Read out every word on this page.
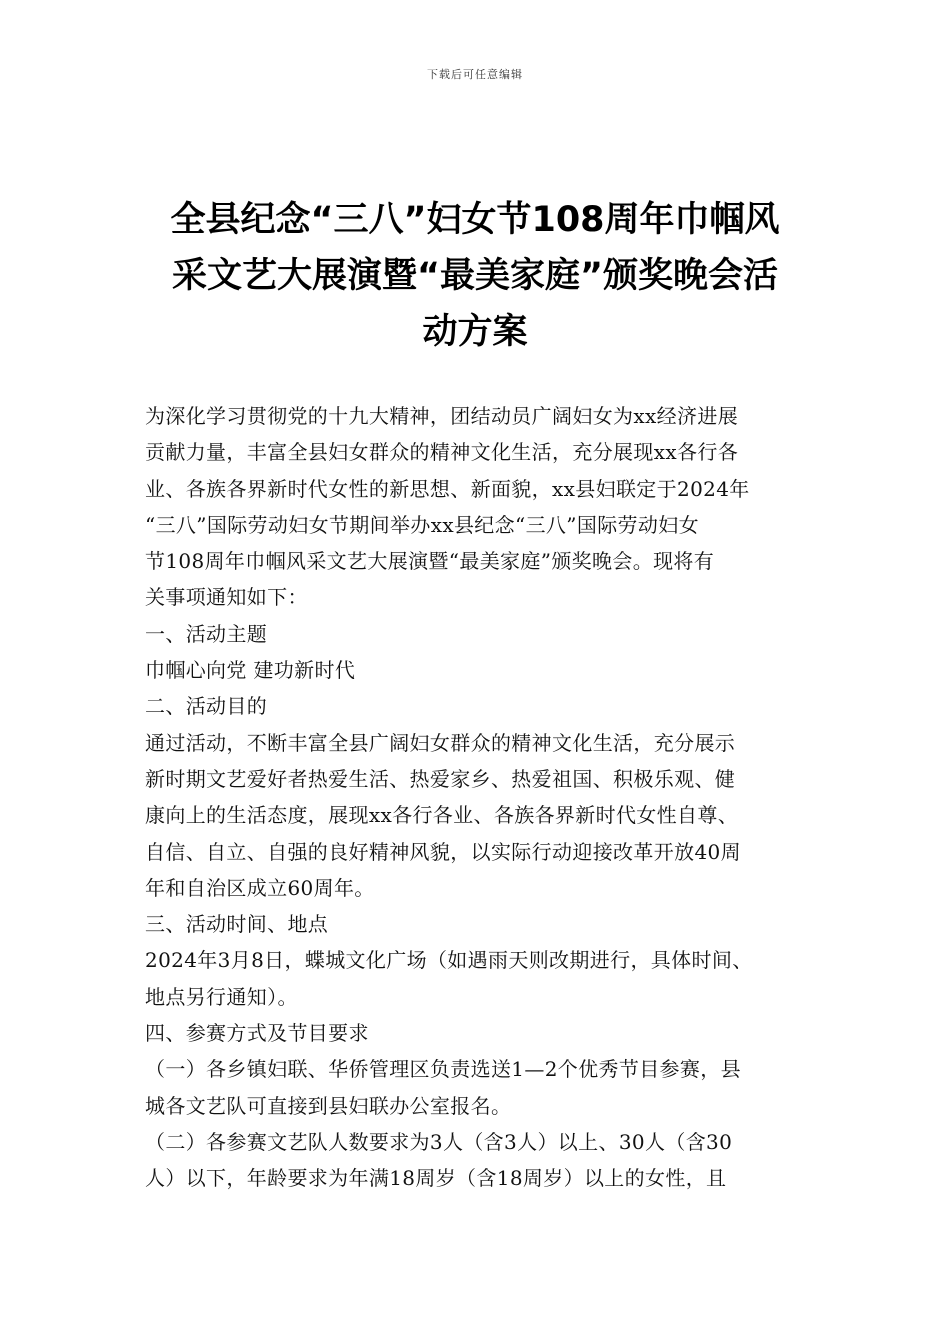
下载后可任意编辑
全县纪念“三八”妇女节108周年巾帼风
采文艺大展演暨“最美家庭”颁奖晚会活
动方案

为深化学习贯彻党的十九大精神，团结动员广阔妇女为xx经济进展

贡献力量，丰富全县妇女群众的精神文化生活，充分展现xx各行各

业、各族各界新时代女性的新思想、新面貌，xx县妇联定于2024年

“三八”国际劳动妇女节期间举办xx县纪念“三八”国际劳动妇女

节108周年巾帼风采文艺大展演暨“最美家庭”颁奖晚会。现将有

关事项通知如下：

一、活动主题

巾帼心向党 建功新时代

二、活动目的

通过活动，不断丰富全县广阔妇女群众的精神文化生活，充分展示

新时期文艺爱好者热爱生活、热爱家乡、热爱祖国、积极乐观、健

康向上的生活态度，展现xx各行各业、各族各界新时代女性自尊、

自信、自立、自强的良好精神风貌，以实际行动迎接改革开放40周

年和自治区成立60周年。

三、活动时间、地点

2024年3月8日，蝶城文化广场（如遇雨天则改期进行，具体时间、

地点另行通知）。

四、参赛方式及节目要求

（一）各乡镇妇联、华侨管理区负责选送1—2个优秀节目参赛，县

城各文艺队可直接到县妇联办公室报名。

（二）各参赛文艺队人数要求为3人（含3人）以上、30人（含30

人）以下，年龄要求为年满18周岁（含18周岁）以上的女性，且
